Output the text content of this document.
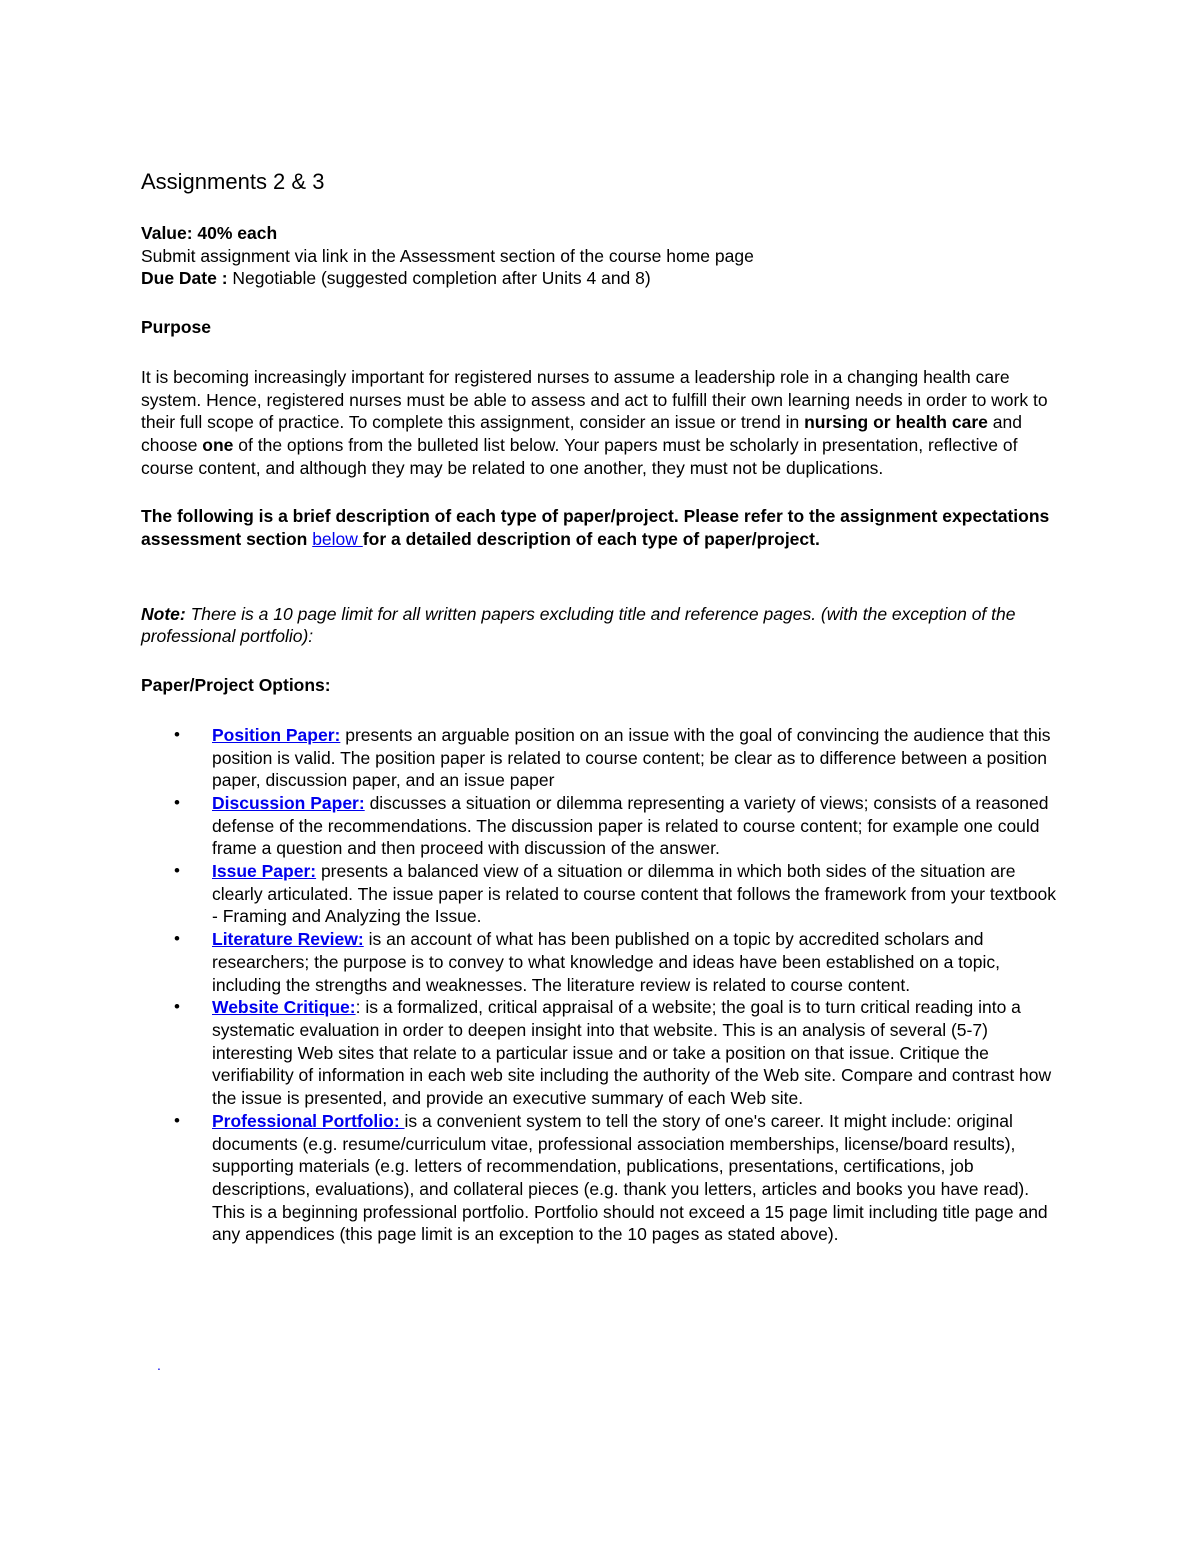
Assignments 2 & 3

Value: 40% each

Submit assignment via link in the Assessment section of the course home page

Due Date : Negotiable (suggested completion after Units 4 and 8)

Purpose

It is becoming increasingly important for registered nurses to assume a leadership role in a changing health care system. Hence, registered nurses must be able to assess and act to fulfill their own learning needs in order to work to their full scope of practice. To complete this assignment, consider an issue or trend in nursing or health care and choose one of the options from the bulleted list below. Your papers must be scholarly in presentation, reflective of course content, and although they may be related to one another, they must not be duplications.

The following is a brief description of each type of paper/project. Please refer to the assignment expectations assessment section below for a detailed description of each type of paper/project.

Note: There is a 10 page limit for all written papers excluding title and reference pages. (with the exception of the professional portfolio):

Paper/Project Options:

• Position Paper: presents an arguable position on an issue with the goal of convincing the audience that this position is valid. The position paper is related to course content; be clear as to difference between a position paper, discussion paper, and an issue paper
• Discussion Paper: discusses a situation or dilemma representing a variety of views; consists of a reasoned defense of the recommendations. The discussion paper is related to course content; for example one could frame a question and then proceed with discussion of the answer.
• Issue Paper: presents a balanced view of a situation or dilemma in which both sides of the situation are clearly articulated. The issue paper is related to course content that follows the framework from your textbook - Framing and Analyzing the Issue.
• Literature Review: is an account of what has been published on a topic by accredited scholars and researchers; the purpose is to convey to what knowledge and ideas have been established on a topic, including the strengths and weaknesses. The literature review is related to course content.
• Website Critique:: is a formalized, critical appraisal of a website; the goal is to turn critical reading into a systematic evaluation in order to deepen insight into that website. This is an analysis of several (5-7) interesting Web sites that relate to a particular issue and or take a position on that issue. Critique the verifiability of information in each web site including the authority of the Web site. Compare and contrast how the issue is presented, and provide an executive summary of each Web site.
• Professional Portfolio: is a convenient system to tell the story of one's career. It might include: original documents (e.g. resume/curriculum vitae, professional association memberships, license/board results), supporting materials (e.g. letters of recommendation, publications, presentations, certifications, job descriptions, evaluations), and collateral pieces (e.g. thank you letters, articles and books you have read). This is a beginning professional portfolio. Portfolio should not exceed a 15 page limit including title page and any appendices (this page limit is an exception to the 10 pages as stated above).
.
